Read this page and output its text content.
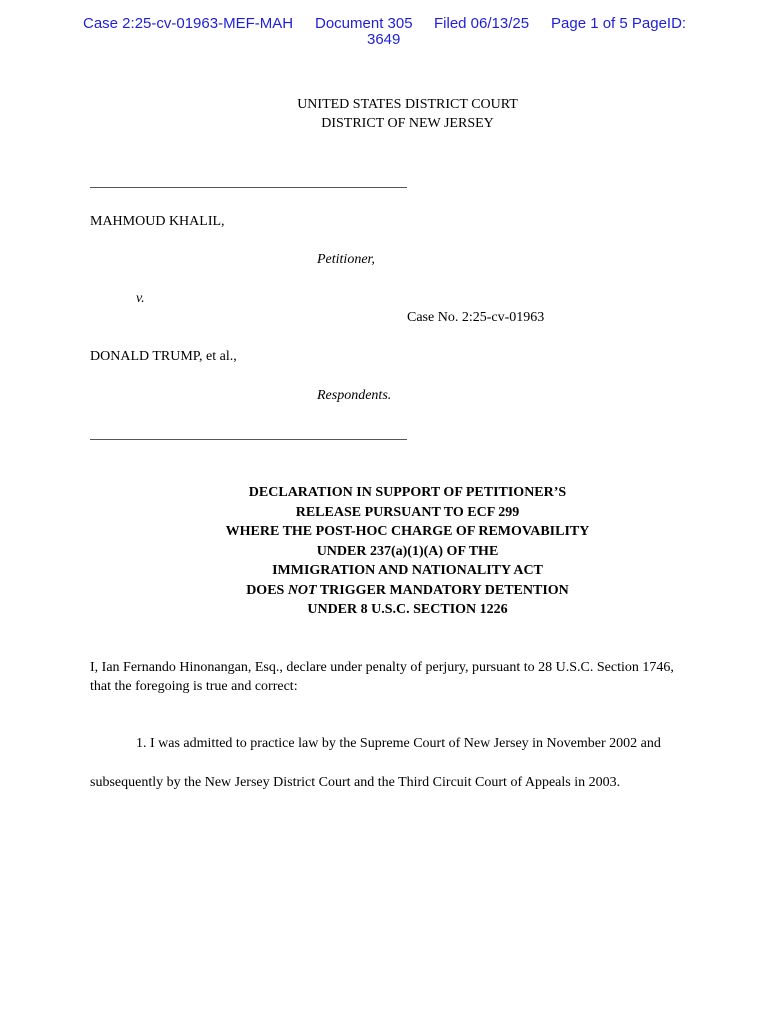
Case 2:25-cv-01963-MEF-MAH Document 305 Filed 06/13/25 Page 1 of 5 PageID:
3649
UNITED STATES DISTRICT COURT
DISTRICT OF NEW JERSEY
MAHMOUD KHALIL,
Petitioner,
v.
Case No. 2:25-cv-01963
DONALD TRUMP, et al.,
Respondents.
DECLARATION IN SUPPORT OF PETITIONER’S
RELEASE PURSUANT TO ECF 299
WHERE THE POST-HOC CHARGE OF REMOVABILITY
UNDER 237(a)(1)(A) OF THE
IMMIGRATION AND NATIONALITY ACT
DOES NOT TRIGGER MANDATORY DETENTION
UNDER 8 U.S.C. SECTION 1226
I, Ian Fernando Hinonangan, Esq., declare under penalty of perjury, pursuant to 28 U.S.C. Section 1746,
that the foregoing is true and correct:
1. I was admitted to practice law by the Supreme Court of New Jersey in November 2002 and
subsequently by the New Jersey District Court and the Third Circuit Court of Appeals in 2003.
